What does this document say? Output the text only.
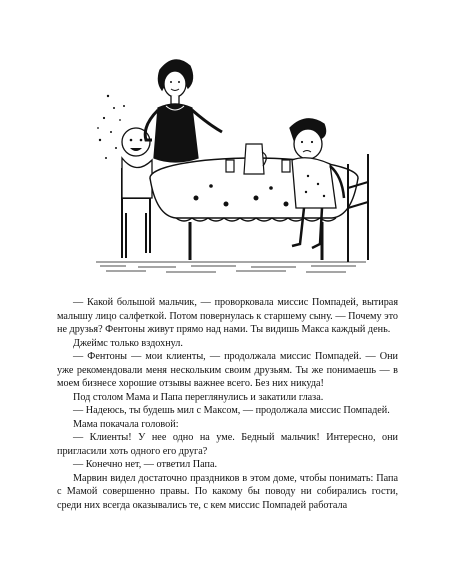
— Какой большой мальчик, — проворковала миссис Помпадей, вытирая малышу лицо салфеткой. Потом повернулась к старшему сыну. — Почему это не друзья? Фентоны живут прямо над нами. Ты видишь Макса каждый день.

Джеймс только вздохнул.

— Фентоны — мои клиенты, — продолжала миссис Помпадей. — Они уже рекомендовали меня нескольким своим друзьям. Ты же понимаешь — в моем бизнесе хорошие отзывы важнее всего. Без них никуда!

Под столом Мама и Папа переглянулись и закатили глаза.

— Надеюсь, ты будешь мил с Максом, — продолжала миссис Помпадей.

Мама покачала головой:

— Клиенты! У нее одно на уме. Бедный мальчик! Интересно, они пригласили хоть одного его друга?

— Конечно нет, — ответил Папа.

Марвин видел достаточно праздников в этом доме, чтобы понимать: Папа с Мамой совершенно правы. По какому бы поводу ни собирались гости, среди них всегда оказывались те, с кем миссис Помпадей работала
